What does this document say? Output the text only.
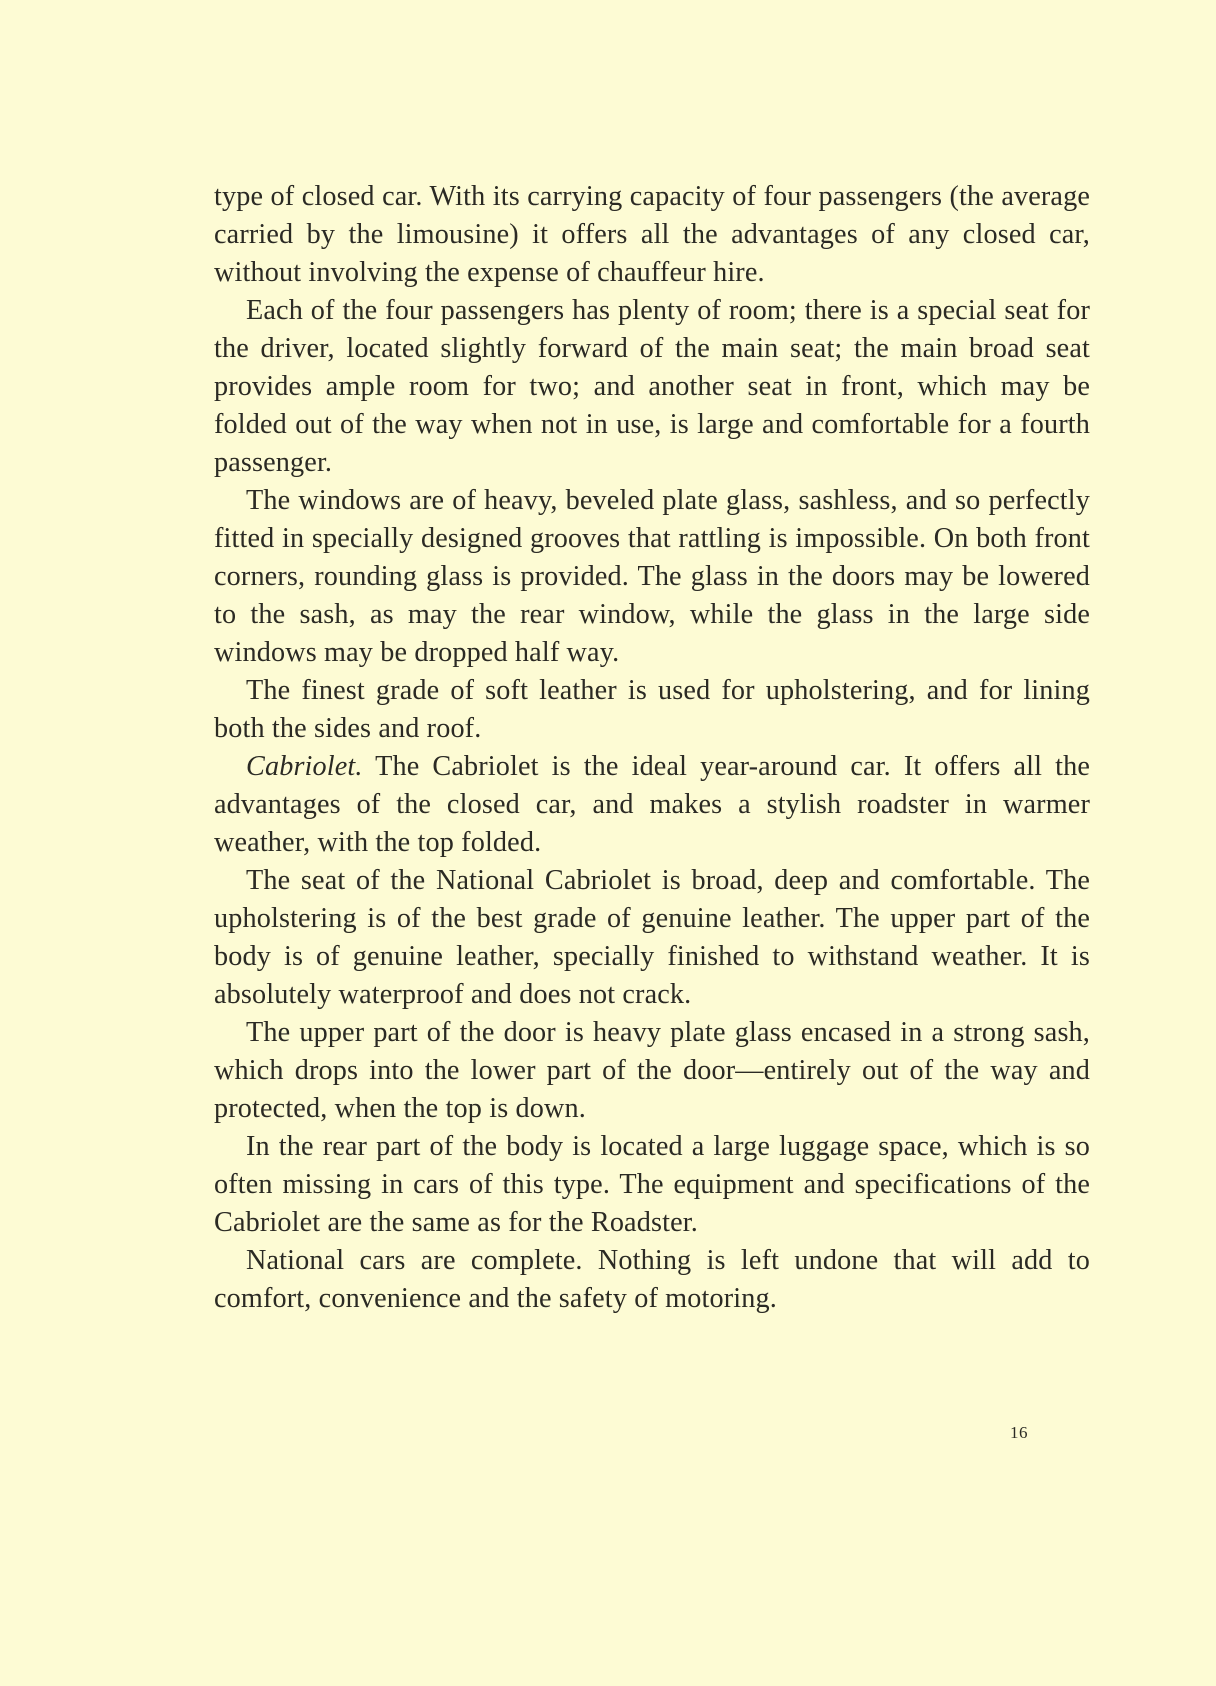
type of closed car. With its carrying capacity of four passengers (the average carried by the limousine) it offers all the advantages of any closed car, without involving the expense of chauffeur hire.

Each of the four passengers has plenty of room; there is a special seat for the driver, located slightly forward of the main seat; the main broad seat provides ample room for two; and another seat in front, which may be folded out of the way when not in use, is large and comfortable for a fourth passenger.

The windows are of heavy, beveled plate glass, sashless, and so perfectly fitted in specially designed grooves that rattling is impossible. On both front corners, rounding glass is provided. The glass in the doors may be lowered to the sash, as may the rear window, while the glass in the large side windows may be dropped half way.

The finest grade of soft leather is used for upholstering, and for lining both the sides and roof.

Cabriolet. The Cabriolet is the ideal year-around car. It offers all the advantages of the closed car, and makes a stylish roadster in warmer weather, with the top folded.

The seat of the National Cabriolet is broad, deep and comfortable. The upholstering is of the best grade of genuine leather. The upper part of the body is of genuine leather, specially finished to withstand weather. It is absolutely waterproof and does not crack.

The upper part of the door is heavy plate glass encased in a strong sash, which drops into the lower part of the door—entirely out of the way and protected, when the top is down.

In the rear part of the body is located a large luggage space, which is so often missing in cars of this type. The equipment and specifications of the Cabriolet are the same as for the Roadster.

National cars are complete. Nothing is left undone that will add to comfort, convenience and the safety of motoring.

16
